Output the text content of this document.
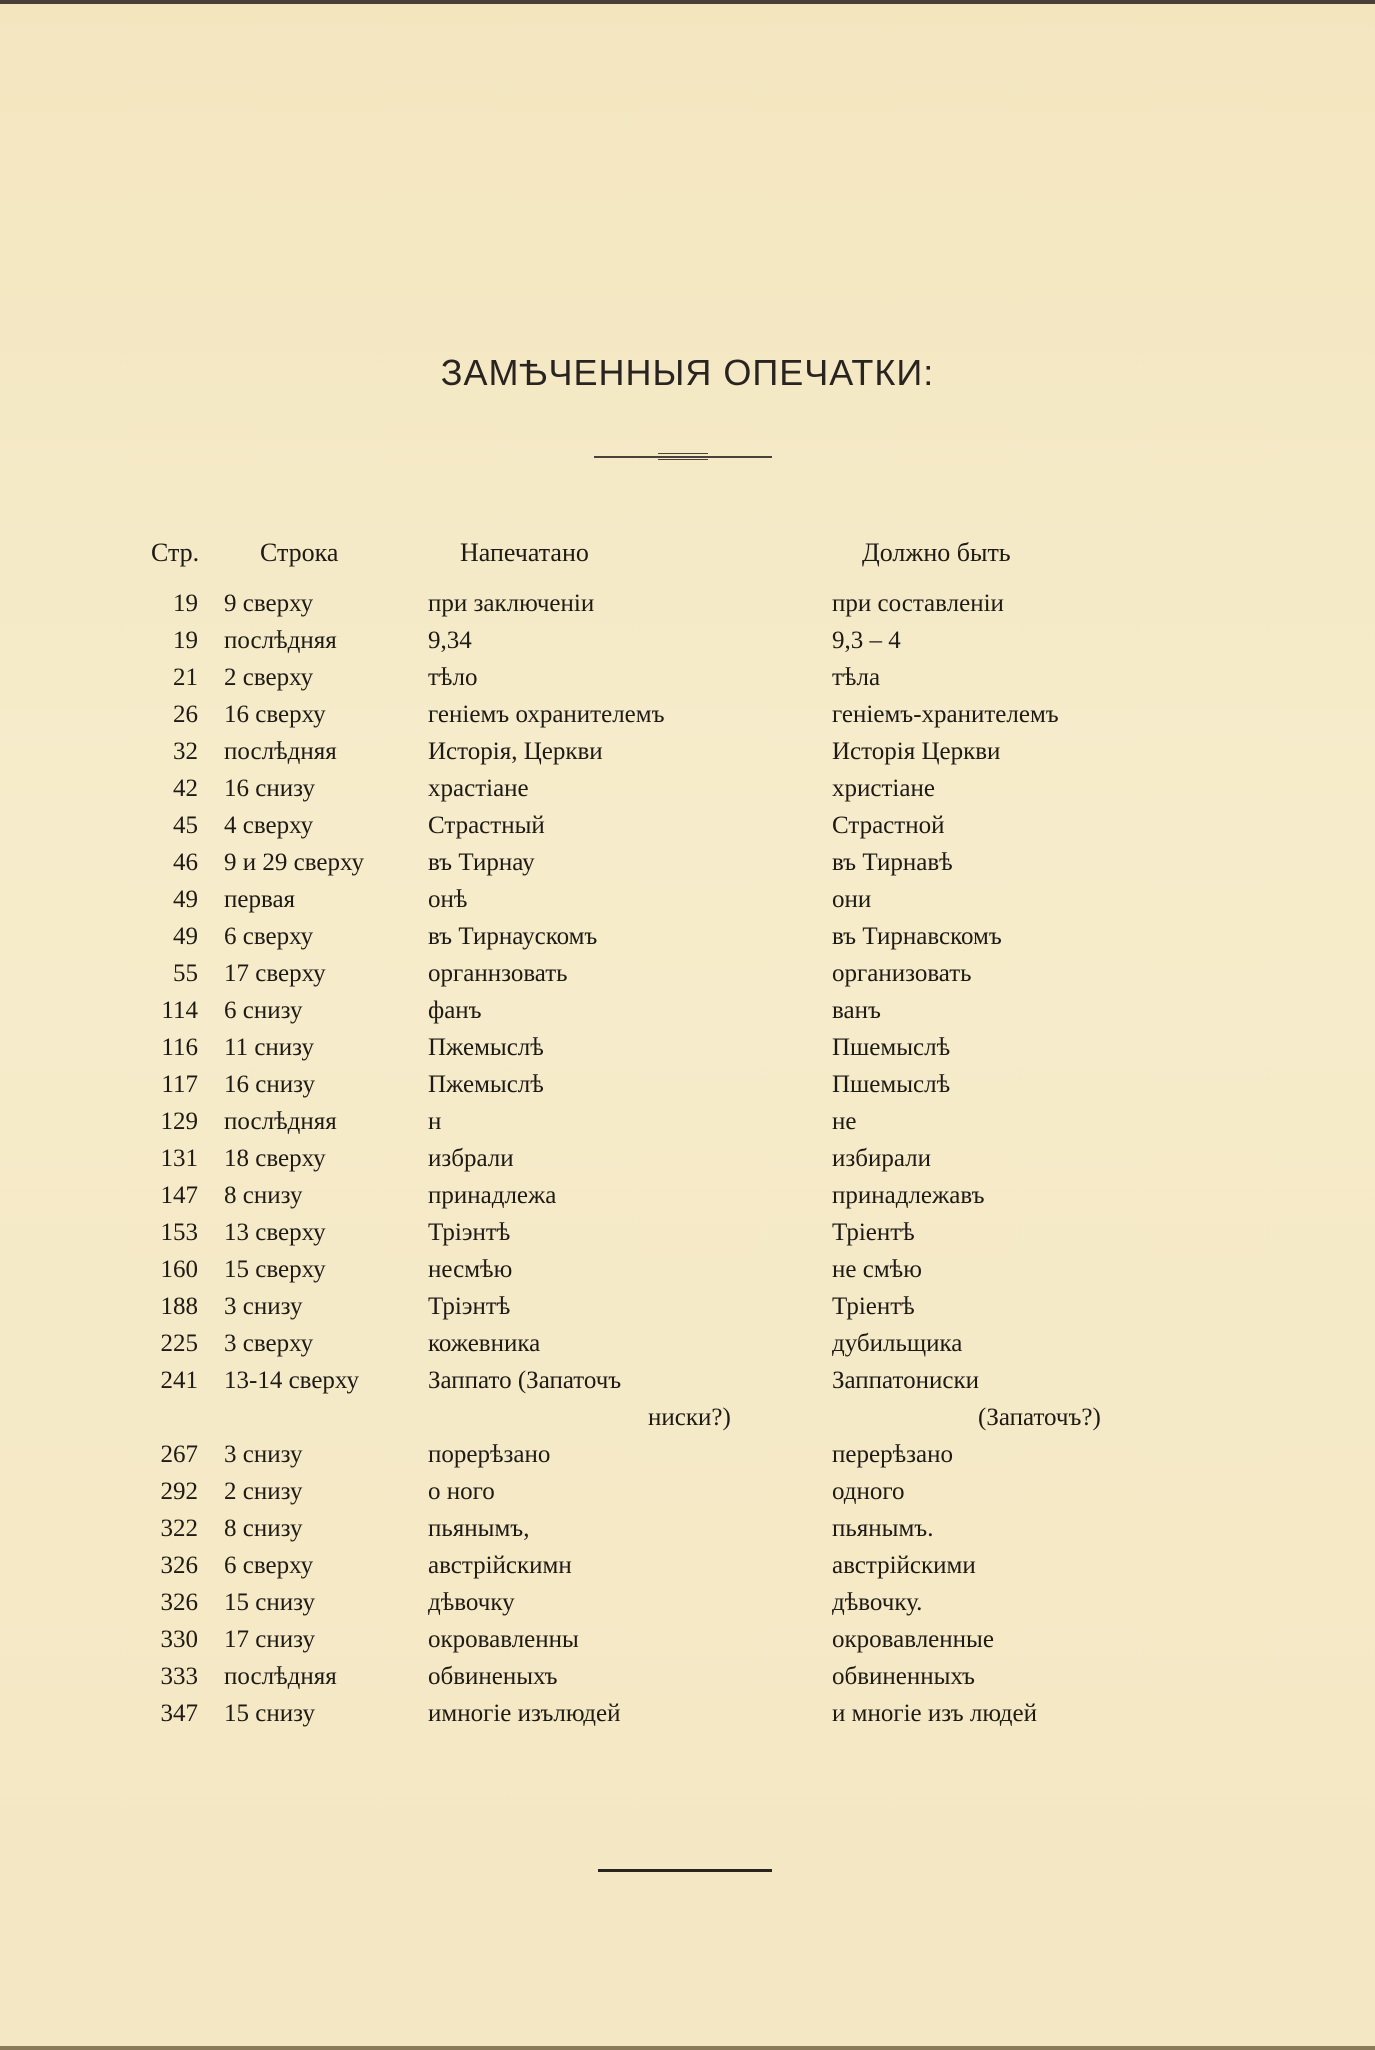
ЗАМѢЧЕННЫЯ ОПЕЧАТКИ:
Стр. Строка	Напечатано	Должно быть
19 9 сверху	при заключеніи	при составленіи
19 послѣдняя	9,34	9,3 – 4
21 2 сверху	тѣло	тѣла
26 16 сверху	геніемъ охранителемъ	геніемъ-хранителемъ
32 послѣдняя	Исторія, Церкви	Исторія Церкви
42 16 снизу	храстіане	христіане
45 4 сверху	Страстный	Страстной
46 9 и 29 сверху	въ Тирнау	въ Тирнавѣ
49 первая	онѣ	они
49 6 сверху	въ Тирнаускомъ	въ Тирнавскомъ
55 17 сверху	органнзовать	организовать
114 6 снизу	фанъ	ванъ
116 11 снизу	Пжемыслѣ	Пшемыслѣ
117 16 снизу	Пжемыслѣ	Пшемыслѣ
129 послѣдняя	н	не
131 18 сверху	избрали	избирали
147 8 снизу	принадлежа	принадлежавъ
153 13 сверху	Тріэнтѣ	Тріентѣ
160 15 сверху	несмѣю	не смѣю
188 3 снизу	Тріэнтѣ	Тріентѣ
225 3 сверху	кожевника	дубильщика
241 13-14 сверху	Заппато (Запаточъ	Заппатониски
ниски?)	(Запаточъ?)
267 3 снизу	порерѣзано	перерѣзано
292 2 снизу	о ного	одного
322 8 снизу	пьянымъ,	пьянымъ.
326 6 сверху	австрійскимн	австрійскими
326 15 снизу	дѣвочку	дѣвочку.
330 17 снизу	окровавленны	окровавленные
333 послѣдняя	обвиненыхъ	обвиненныхъ
347 15 снизу	имногіе изълюдей	и многіе изъ людей
